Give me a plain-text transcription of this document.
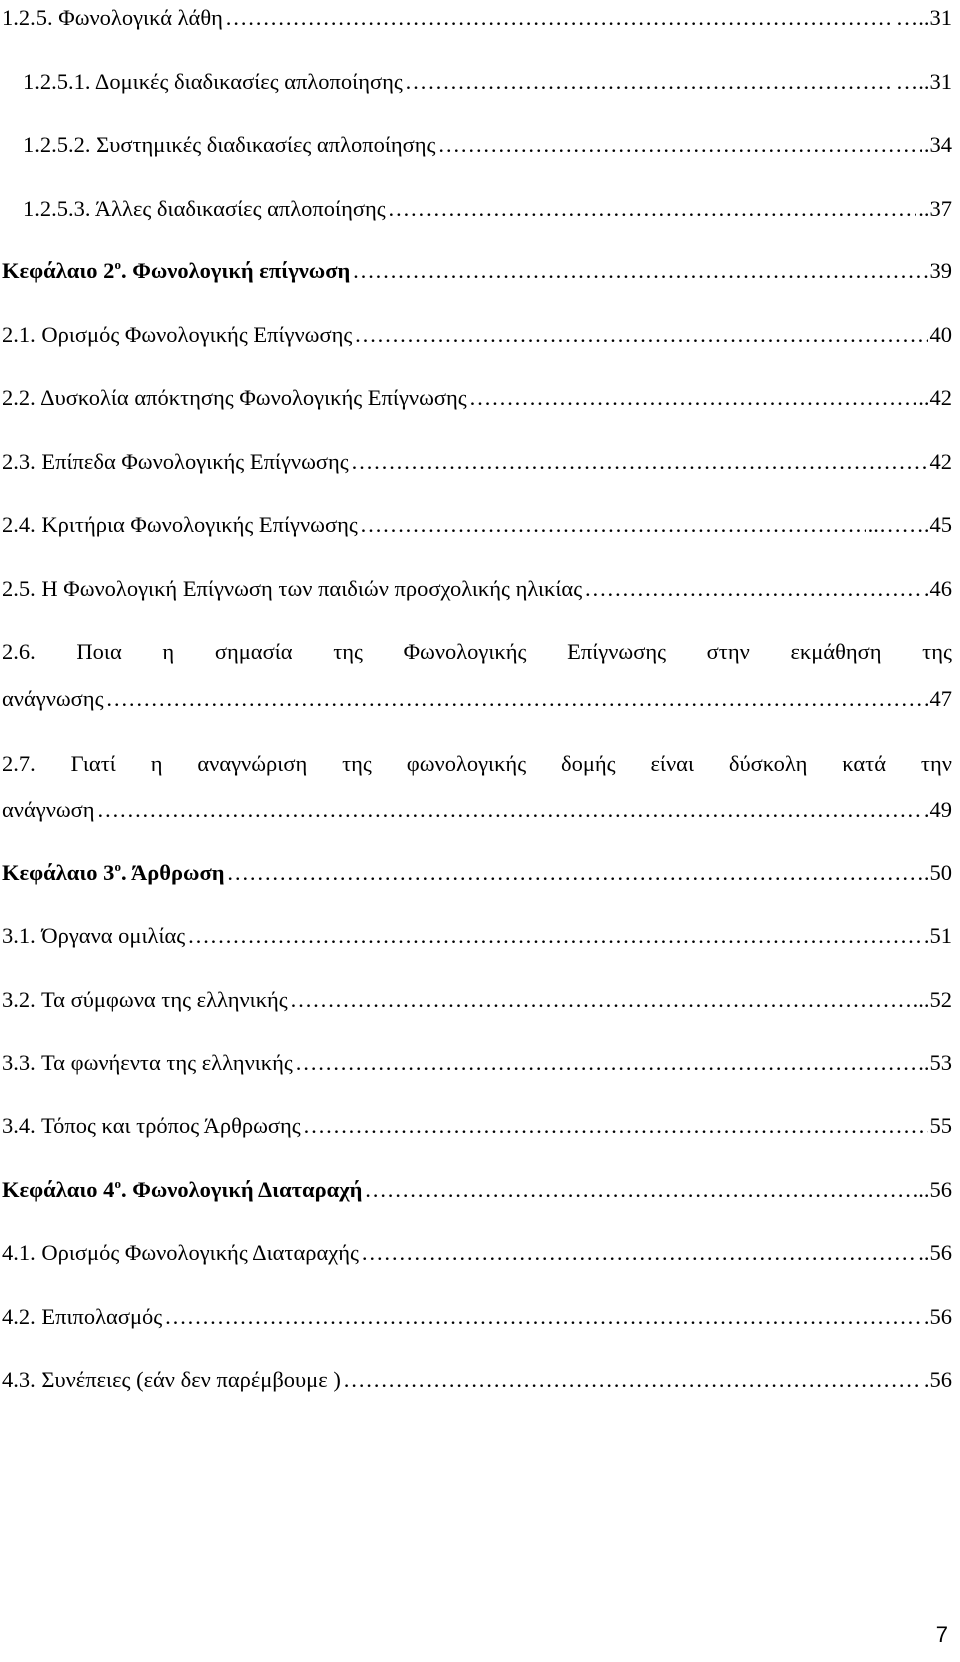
1.2.5. Φωνολογικά λάθη ……………………………………………………………………………………………………………………………………………………………………………………………………………………	…..31
1.2.5.1. Δομικές διαδικασίες απλοποίησης ……………………………………………………………………………………………………………………………………………………………………………………………………………………	…..31
1.2.5.2. Συστημικές διαδικασίες απλοποίησης ……………………………………………………………………………………………………………………………………………………………………………………………………………………	.34
1.2.5.3. Άλλες διαδικασίες απλοποίησης ……………………………………………………………………………………………………………………………………………………………………………………………………………………	..37
Κεφάλαιο $2^o$. Φωνολογική επίγνωση ……………………………………………………………………………………………………………………………………………………………………………………………………………………	39
2.1. Ορισμός Φωνολογικής Επίγνωσης ……………………………………………………………………………………………………………………………………………………………………………………………………………………	40
2.2. Δυσκολία απόκτησης Φωνολογικής Επίγνωσης ……………………………………………………………………………………………………………………………………………………………………………………………………………………	..42
2.3. Επίπεδα Φωνολογικής Επίγνωσης ……………………………………………………………………………………………………………………………………………………………………………………………………………………	42
2.4. Κριτήρια Φωνολογικής Επίγνωσης ……………………………………………………………………………………………………………………………………………………………………………………………………………………	..…….45
2.5. Η Φωνολογική Επίγνωση των παιδιών προσχολικής ηλικίας ……………………………………………………………………………………………………………………………………………………………………………………………………………………	.46
2.6. Ποια η σημασία της Φωνολογικής Επίγνωσης στην εκμάθηση της
ανάγνωσης ……………………………………………………………………………………………………………………………………………………………………………………………………………………	47
2.7. Γιατί η αναγνώριση της φωνολογικής δομής είναι δύσκολη κατά την
ανάγνωση ……………………………………………………………………………………………………………………………………………………………………………………………………………………	.49
Κεφάλαιο $3^o$. Άρθρωση ……………………………………………………………………………………………………………………………………………………………………………………………………………………	.50
3.1. Όργανα ομιλίας ……………………………………………………………………………………………………………………………………………………………………………………………………………………	.51
3.2. Τα σύμφωνα της ελληνικής ……………………………………………………………………………………………………………………………………………………………………………………………………………………	...52
3.3. Τα φωνήεντα της ελληνικής ……………………………………………………………………………………………………………………………………………………………………………………………………………………	..53
3.4. Τόπος και τρόπος Άρθρωσης ……………………………………………………………………………………………………………………………………………………………………………………………………………………	55
Κεφάλαιο $4^o$. Φωνολογική Διαταραχή ……………………………………………………………………………………………………………………………………………………………………………………………………………………	...56
4.1. Ορισμός Φωνολογικής Διαταραχής ……………………………………………………………………………………………………………………………………………………………………………………………………………………	..56
4.2. Επιπολασμός ……………………………………………………………………………………………………………………………………………………………………………………………………………………	.56
4.3. Συνέπειες (εάν δεν παρέμβουμε ) ……………………………………………………………………………………………………………………………………………………………………………………………………………………	.56
7
